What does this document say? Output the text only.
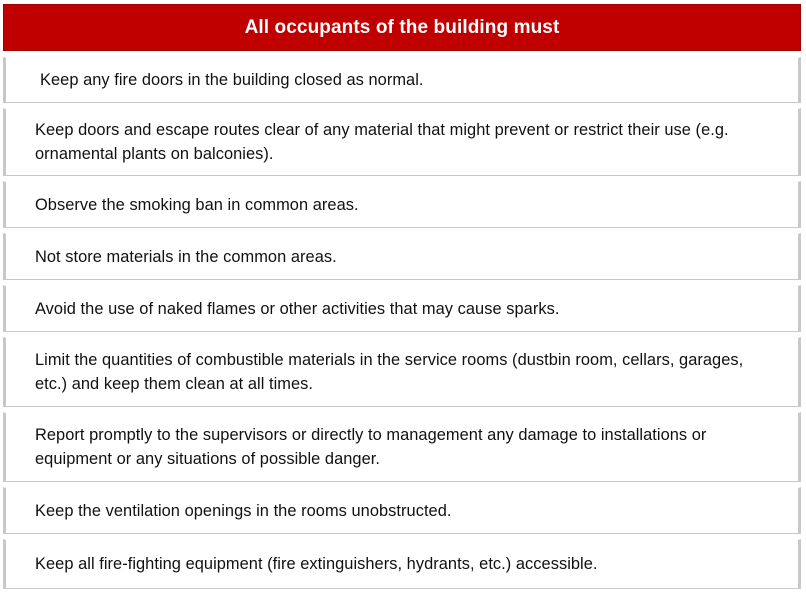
All occupants of the building must
Keep any fire doors in the building closed as normal.
Keep doors and escape routes clear of any material that might prevent or restrict their use (e.g. ornamental plants on balconies).
Observe the smoking ban in common areas.
Not store materials in the common areas.
Avoid the use of naked flames or other activities that may cause sparks.
Limit the quantities of combustible materials in the service rooms (dustbin room, cellars, garages, etc.) and keep them clean at all times.
Report promptly to the supervisors or directly to management any damage to installations or equipment or any situations of possible danger.
Keep the ventilation openings in the rooms unobstructed.
Keep all fire-fighting equipment (fire extinguishers, hydrants, etc.) accessible.
